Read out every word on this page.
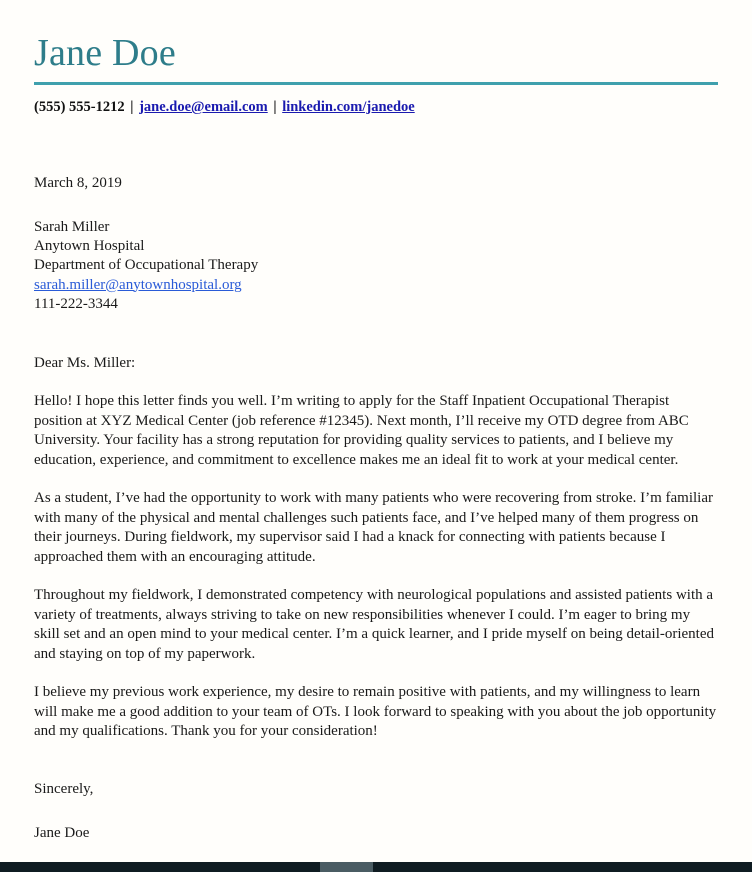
Jane Doe
(555) 555-1212 | jane.doe@email.com | linkedin.com/janedoe
March 8, 2019
Sarah Miller
Anytown Hospital
Department of Occupational Therapy
sarah.miller@anytownhospital.org
111-222-3344
Dear Ms. Miller:
Hello! I hope this letter finds you well. I’m writing to apply for the Staff Inpatient Occupational Therapist position at XYZ Medical Center (job reference #12345). Next month, I’ll receive my OTD degree from ABC University. Your facility has a strong reputation for providing quality services to patients, and I believe my education, experience, and commitment to excellence makes me an ideal fit to work at your medical center.
As a student, I’ve had the opportunity to work with many patients who were recovering from stroke. I’m familiar with many of the physical and mental challenges such patients face, and I’ve helped many of them progress on their journeys. During fieldwork, my supervisor said I had a knack for connecting with patients because I approached them with an encouraging attitude.
Throughout my fieldwork, I demonstrated competency with neurological populations and assisted patients with a variety of treatments, always striving to take on new responsibilities whenever I could. I’m eager to bring my skill set and an open mind to your medical center. I’m a quick learner, and I pride myself on being detail-oriented and staying on top of my paperwork.
I believe my previous work experience, my desire to remain positive with patients, and my willingness to learn will make me a good addition to your team of OTs. I look forward to speaking with you about the job opportunity and my qualifications. Thank you for your consideration!
Sincerely,
Jane Doe
